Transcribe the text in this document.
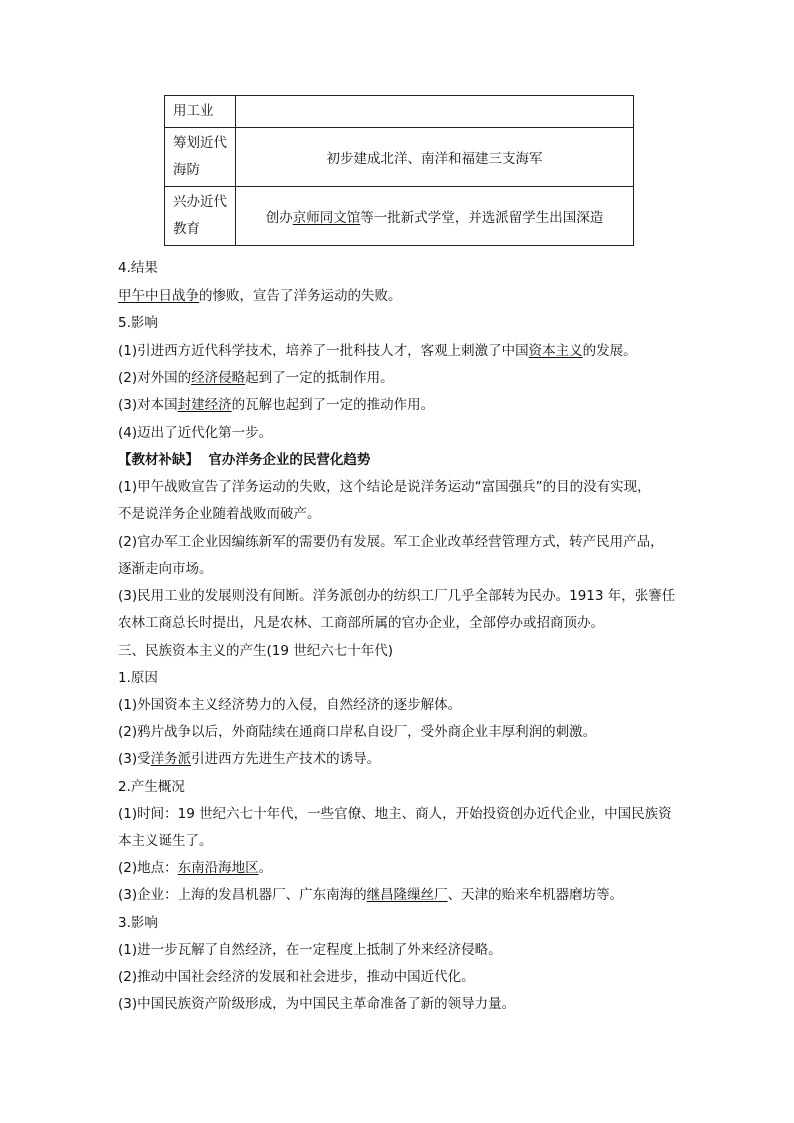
用工业	
筹划近代海防	初步建成北洋、南洋和福建三支海军
兴办近代教育	创办京师同文馆等一批新式学堂，并选派留学生出国深造
4.结果
甲午中日战争的惨败，宣告了洋务运动的失败。
5.影响
(1)引进西方近代科学技术，培养了一批科技人才，客观上刺激了中国资本主义的发展。
(2)对外国的经济侵略起到了一定的抵制作用。
(3)对本国封建经济的瓦解也起到了一定的推动作用。
(4)迈出了近代化第一步。
【教材补缺】 官办洋务企业的民营化趋势
(1)甲午战败宣告了洋务运动的失败，这个结论是说洋务运动“富国强兵”的目的没有实现，
不是说洋务企业随着战败而破产。
(2)官办军工企业因编练新军的需要仍有发展。军工企业改革经营管理方式，转产民用产品，
逐渐走向市场。
(3)民用工业的发展则没有间断。洋务派创办的纺织工厂几乎全部转为民办。1913 年，张謇任
农林工商总长时提出，凡是农林、工商部所属的官办企业，全部停办或招商顶办。
三、民族资本主义的产生(19 世纪六七十年代)
1.原因
(1)外国资本主义经济势力的入侵，自然经济的逐步解体。
(2)鸦片战争以后，外商陆续在通商口岸私自设厂，受外商企业丰厚利润的刺激。
(3)受洋务派引进西方先进生产技术的诱导。
2.产生概况
(1)时间：19 世纪六七十年代，一些官僚、地主、商人，开始投资创办近代企业，中国民族资
本主义诞生了。
(2)地点：东南沿海地区。
(3)企业：上海的发昌机器厂、广东南海的继昌隆缫丝厂、天津的贻来牟机器磨坊等。
3.影响
(1)进一步瓦解了自然经济，在一定程度上抵制了外来经济侵略。
(2)推动中国社会经济的发展和社会进步，推动中国近代化。
(3)中国民族资产阶级形成，为中国民主革命准备了新的领导力量。
